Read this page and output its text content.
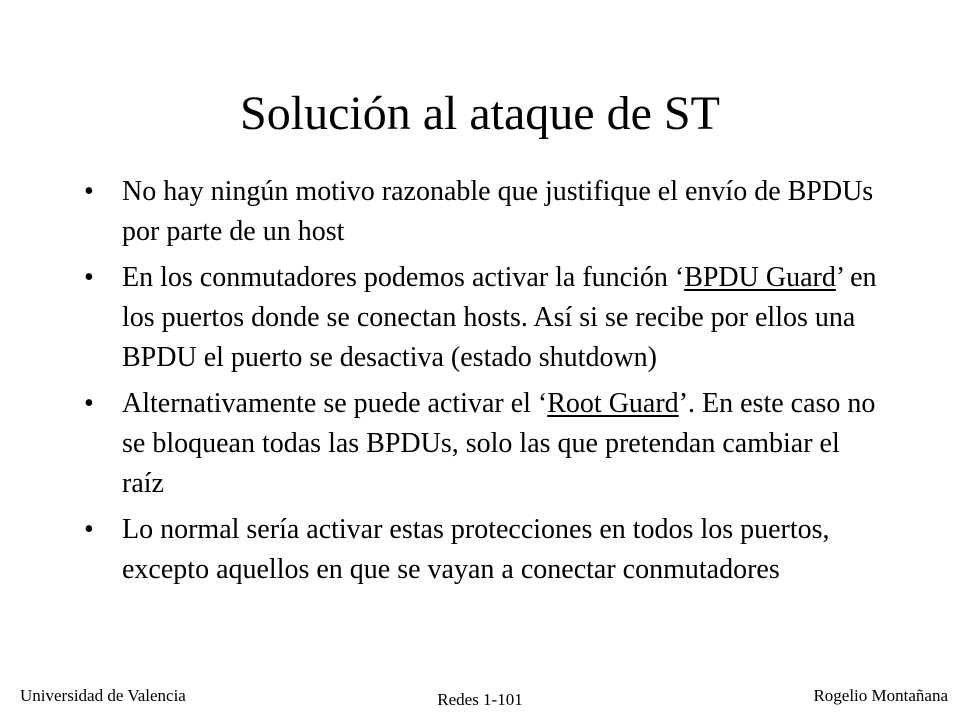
Solución al ataque de ST
• No hay ningún motivo razonable que justifique el envío de BPDUs por parte de un host
• En los conmutadores podemos activar la función ‘BPDU Guard’ en los puertos donde se conectan hosts. Así si se recibe por ellos una BPDU el puerto se desactiva (estado shutdown)
• Alternativamente se puede activar el ‘Root Guard’. En este caso no se bloquean todas las BPDUs, solo las que pretendan cambiar el raíz
• Lo normal sería activar estas protecciones en todos los puertos, excepto aquellos en que se vayan a conectar conmutadores
Universidad de Valencia	Redes 1-101	Rogelio Montañana
